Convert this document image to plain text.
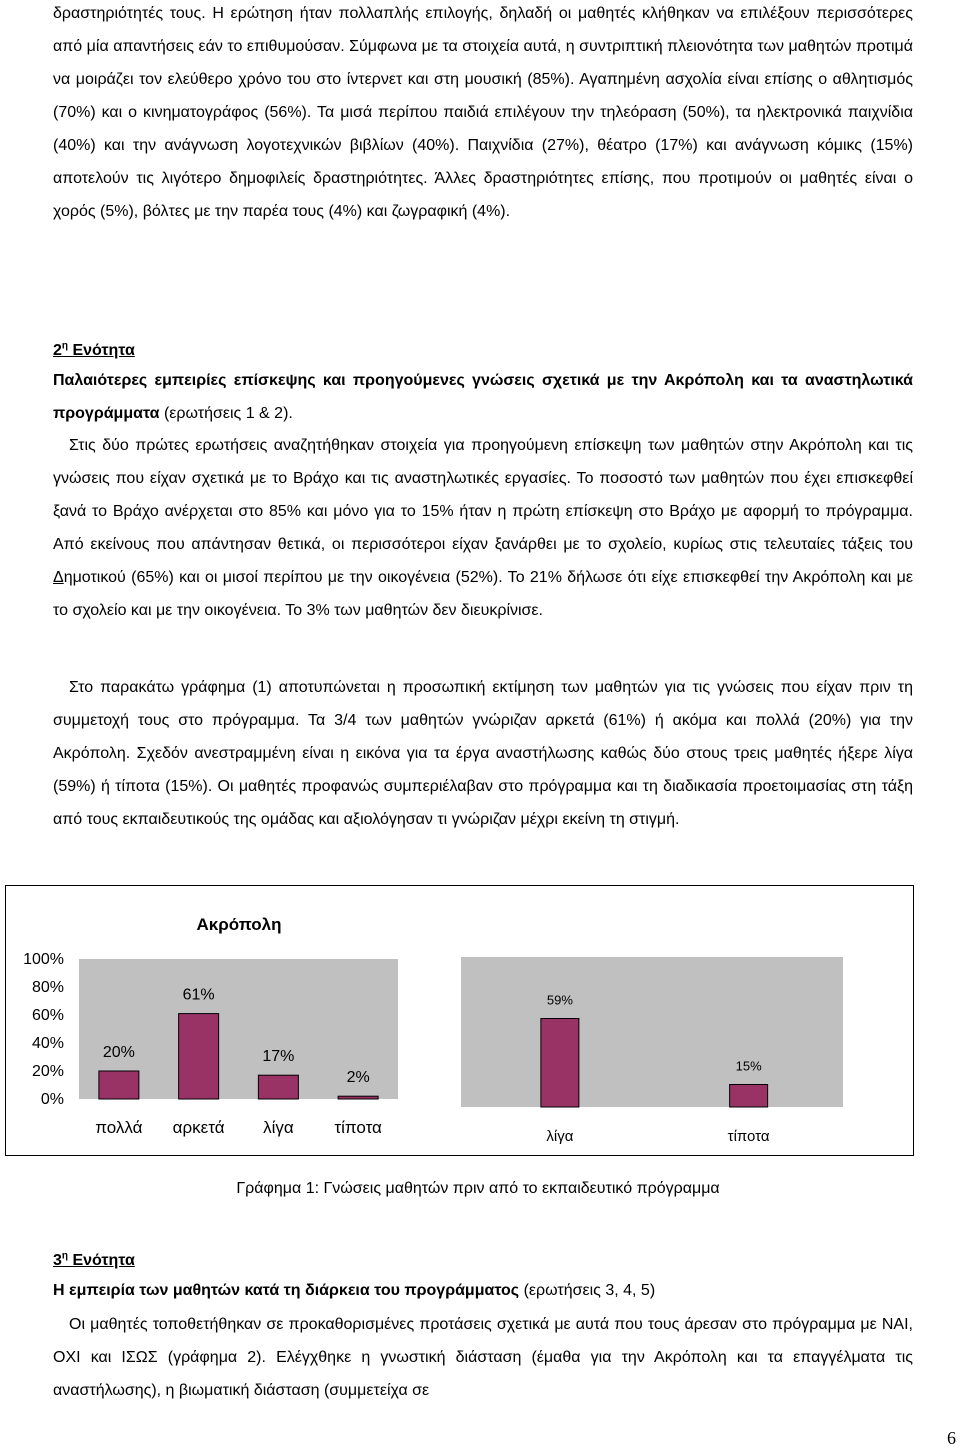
δραστηριότητές τους. Η ερώτηση ήταν πολλαπλής επιλογής, δηλαδή οι μαθητές κλήθηκαν να επιλέξουν περισσότερες από μία απαντήσεις εάν το επιθυμούσαν. Σύμφωνα με τα στοιχεία αυτά, η συντριπτική πλειονότητα των μαθητών προτιμά να μοιράζει τον ελεύθερο χρόνο του στο ίντερνετ και στη μουσική (85%). Αγαπημένη ασχολία είναι επίσης ο αθλητισμός (70%) και ο κινηματογράφος (56%). Τα μισά περίπου παιδιά επιλέγουν την τηλεόραση (50%), τα ηλεκτρονικά παιχνίδια (40%) και την ανάγνωση λογοτεχνικών βιβλίων (40%). Παιχνίδια (27%), θέατρο (17%) και ανάγνωση κόμικς (15%) αποτελούν τις λιγότερο δημοφιλείς δραστηριότητες. Άλλες δραστηριότητες επίσης, που προτιμούν οι μαθητές είναι ο χορός (5%), βόλτες με την παρέα τους (4%) και ζωγραφική (4%).

$2^\eta$ Ενότητα

Παλαιότερες εμπειρίες επίσκεψης και προηγούμενες γνώσεις σχετικά με την Ακρόπολη και τα αναστηλωτικά προγράμματα (ερωτήσεις 1 & 2).

Στις δύο πρώτες ερωτήσεις αναζητήθηκαν στοιχεία για προηγούμενη επίσκεψη των μαθητών στην Ακρόπολη και τις γνώσεις που είχαν σχετικά με το Βράχο και τις αναστηλωτικές εργασίες. Το ποσοστό των μαθητών που έχει επισκεφθεί ξανά το Βράχο ανέρχεται στο 85% και μόνο για το 15% ήταν η πρώτη επίσκεψη στο Βράχο με αφορμή το πρόγραμμα. Από εκείνους που απάντησαν θετικά, οι περισσότεροι είχαν ξανάρθει με το σχολείο, κυρίως στις τελευταίες τάξεις του Δημοτικού (65%) και οι μισοί περίπου με την οικογένεια (52%). Το 21% δήλωσε ότι είχε επισκεφθεί την Ακρόπολη και με το σχολείο και με την οικογένεια. Το 3% των μαθητών δεν διευκρίνισε.

Στο παρακάτω γράφημα (1) αποτυπώνεται η προσωπική εκτίμηση των μαθητών για τις γνώσεις που είχαν πριν τη συμμετοχή τους στο πρόγραμμα. Τα 3/4 των μαθητών γνώριζαν αρκετά (61%) ή ακόμα και πολλά (20%) για την Ακρόπολη. Σχεδόν ανεστραμμένη είναι η εικόνα για τα έργα αναστήλωσης καθώς δύο στους τρεις μαθητές ήξερε λίγα (59%) ή τίποτα (15%). Οι μαθητές προφανώς συμπεριέλαβαν στο πρόγραμμα και τη διαδικασία προετοιμασίας στη τάξη από τους εκπαιδευτικούς της ομάδας και αξιολόγησαν τι γνώριζαν μέχρι εκείνη τη στιγμή.

Ακρόπολη
0%
20%
40%
60%
80%
100%
20%
πολλά
61%
αρκετά
17%
λίγα
2%
τίποτα
59%
λίγα
15%
τίποτα

Γράφημα 1: Γνώσεις μαθητών πριν από το εκπαιδευτικό πρόγραμμα

$3^\eta$ Ενότητα
Η εμπειρία των μαθητών κατά τη διάρκεια του προγράμματος (ερωτήσεις 3, 4, 5)

Οι μαθητές τοποθετήθηκαν σε προκαθορισμένες προτάσεις σχετικά με αυτά που τους άρεσαν στο πρόγραμμα με ΝΑΙ, ΟΧΙ και ΙΣΩΣ (γράφημα 2). Ελέγχθηκε η γνωστική διάσταση (έμαθα για την Ακρόπολη και τα επαγγέλματα τις αναστήλωσης), η βιωματική διάσταση (συμμετείχα σε

6
